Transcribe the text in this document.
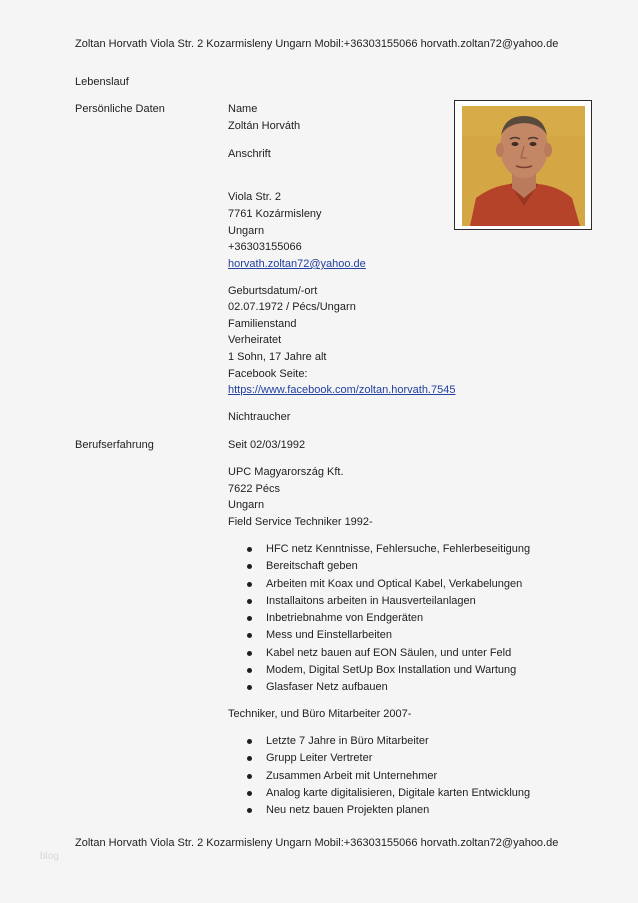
Zoltan Horvath Viola Str. 2 Kozarmisleny Ungarn Mobil:+36303155066 horvath.zoltan72@yahoo.de
Lebenslauf
Persönliche Daten	Name
Zoltán Horváth
Anschrift
Viola Str. 2
7761 Kozármisleny
Ungarn
+36303155066
horvath.zoltan72@yahoo.de
Geburtsdatum/-ort
02.07.1972 / Pécs/Ungarn
Familienstand
Verheiratet
1 Sohn, 17 Jahre alt
Facebook Seite:
https://www.facebook.com/zoltan.horvath.7545
Nichtraucher
Berufserfahrung	Seit 02/03/1992
UPC Magyarország Kft.
7622 Pécs
Ungarn
Field Service Techniker 1992-
HFC netz Kenntnisse, Fehlersuche, Fehlerbeseitigung
Bereitschaft geben
Arbeiten mit Koax und Optical Kabel, Verkabelungen
Installaitons arbeiten in Hausverteilanlagen
Inbetriebnahme von Endgeräten
Mess und Einstellarbeiten
Kabel netz bauen auf EON Säulen, und unter Feld
Modem, Digital SetUp Box Installation und Wartung
Glasfaser Netz aufbauen
Techniker, und Büro Mitarbeiter 2007-
Letzte 7 Jahre in Büro Mitarbeiter
Grupp Leiter Vertreter
Zusammen Arbeit mit Unternehmer
Analog karte digitalisieren, Digitale karten Entwicklung
Neu netz bauen Projekten planen
Zoltan Horvath Viola Str. 2 Kozarmisleny Ungarn Mobil:+36303155066 horvath.zoltan72@yahoo.de
blog
